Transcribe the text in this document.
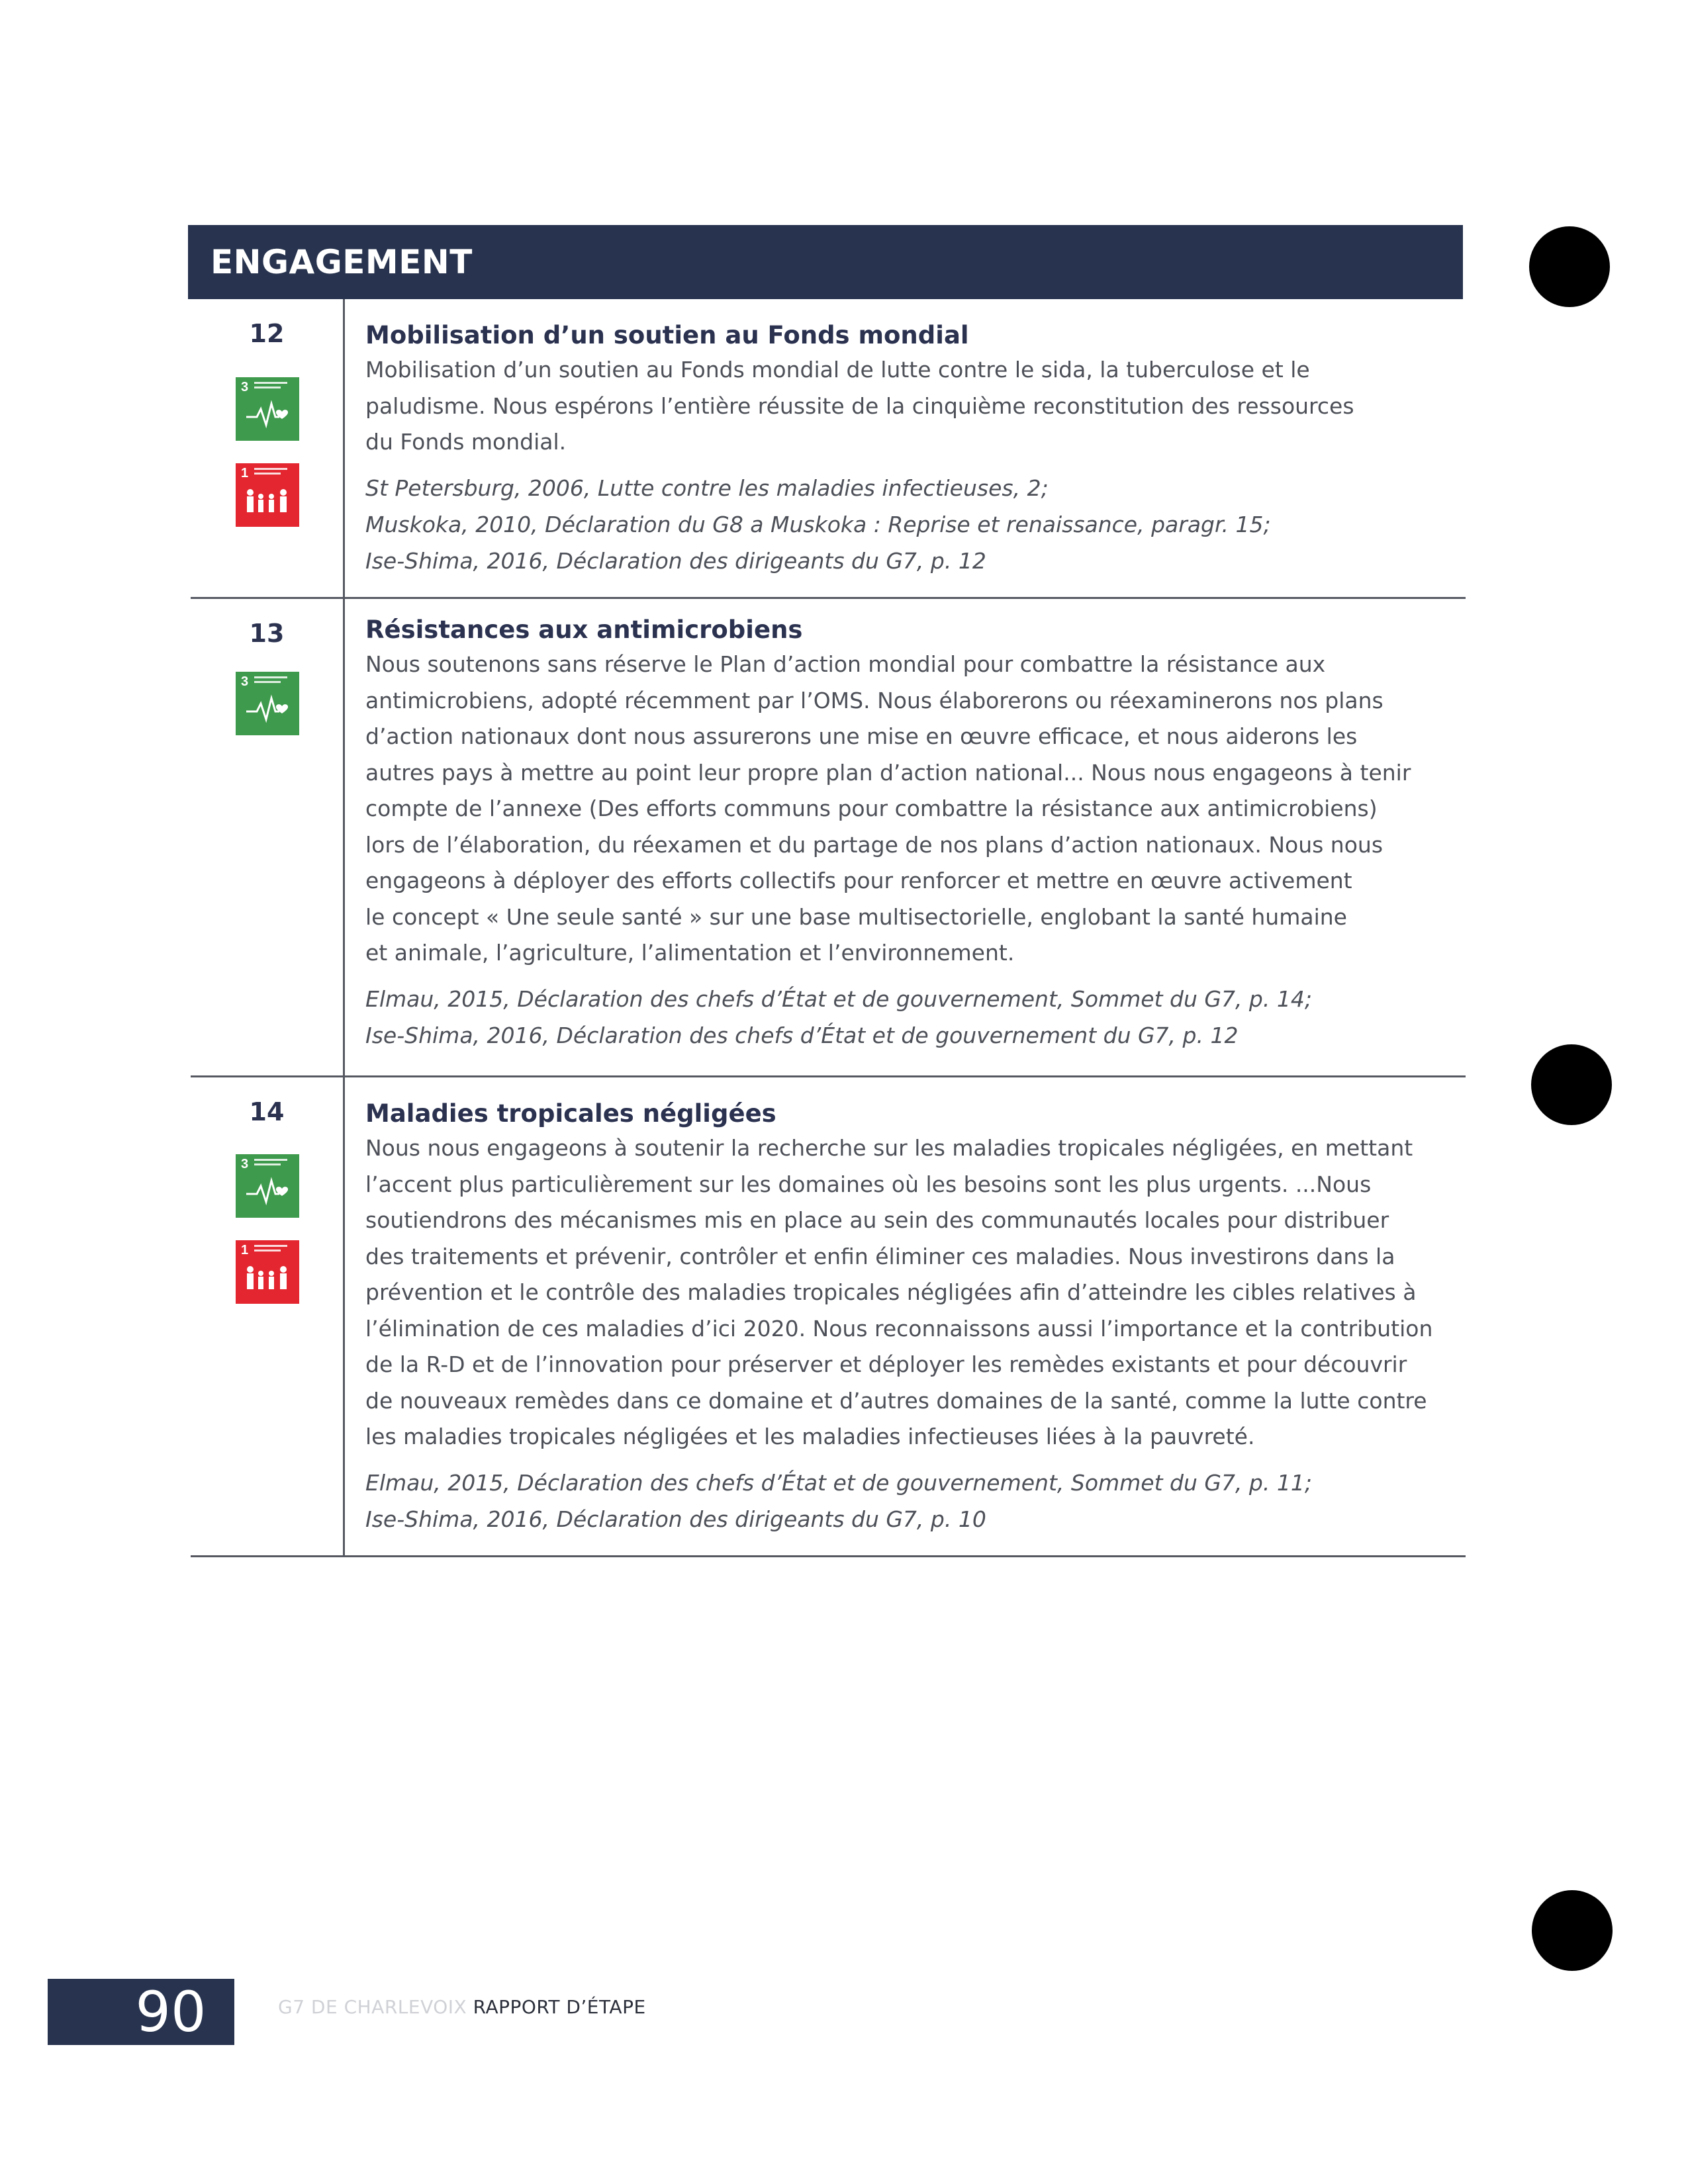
ENGAGEMENT
12
3
1

Mobilisation d’un soutien au Fonds mondial

Mobilisation d’un soutien au Fonds mondial de lutte contre le sida, la tuberculose et le
paludisme. Nous espérons l’entière réussite de la cinquième reconstitution des ressources
du Fonds mondial.
St Petersburg, 2006, Lutte contre les maladies infectieuses, 2;
Muskoka, 2010, Déclaration du G8 a Muskoka : Reprise et renaissance, paragr. 15;
Ise-Shima, 2016, Déclaration des dirigeants du G7, p. 12
13
3

Résistances aux antimicrobiens

Nous soutenons sans réserve le Plan d’action mondial pour combattre la résistance aux
antimicrobiens, adopté récemment par l’OMS. Nous élaborerons ou réexaminerons nos plans
d’action nationaux dont nous assurerons une mise en œuvre efficace, et nous aiderons les
autres pays à mettre au point leur propre plan d’action national... Nous nous engageons à tenir
compte de l’annexe (Des efforts communs pour combattre la résistance aux antimicrobiens)
lors de l’élaboration, du réexamen et du partage de nos plans d’action nationaux. Nous nous
engageons à déployer des efforts collectifs pour renforcer et mettre en œuvre activement
le concept « Une seule santé » sur une base multisectorielle, englobant la santé humaine
et animale, l’agriculture, l’alimentation et l’environnement.
Elmau, 2015, Déclaration des chefs d’État et de gouvernement, Sommet du G7, p. 14;
Ise-Shima, 2016, Déclaration des chefs d’État et de gouvernement du G7, p. 12
14
3
1

Maladies tropicales négligées

Nous nous engageons à soutenir la recherche sur les maladies tropicales négligées, en mettant
l’accent plus particulièrement sur les domaines où les besoins sont les plus urgents. ...Nous
soutiendrons des mécanismes mis en place au sein des communautés locales pour distribuer
des traitements et prévenir, contrôler et enfin éliminer ces maladies. Nous investirons dans la
prévention et le contrôle des maladies tropicales négligées afin d’atteindre les cibles relatives à
l’élimination de ces maladies d’ici 2020. Nous reconnaissons aussi l’importance et la contribution
de la R-D et de l’innovation pour préserver et déployer les remèdes existants et pour découvrir
de nouveaux remèdes dans ce domaine et d’autres domaines de la santé, comme la lutte contre
les maladies tropicales négligées et les maladies infectieuses liées à la pauvreté.
Elmau, 2015, Déclaration des chefs d’État et de gouvernement, Sommet du G7, p. 11;
Ise-Shima, 2016, Déclaration des dirigeants du G7, p. 10
90	G7 DE CHARLEVOIX RAPPORT D’ÉTAPE
